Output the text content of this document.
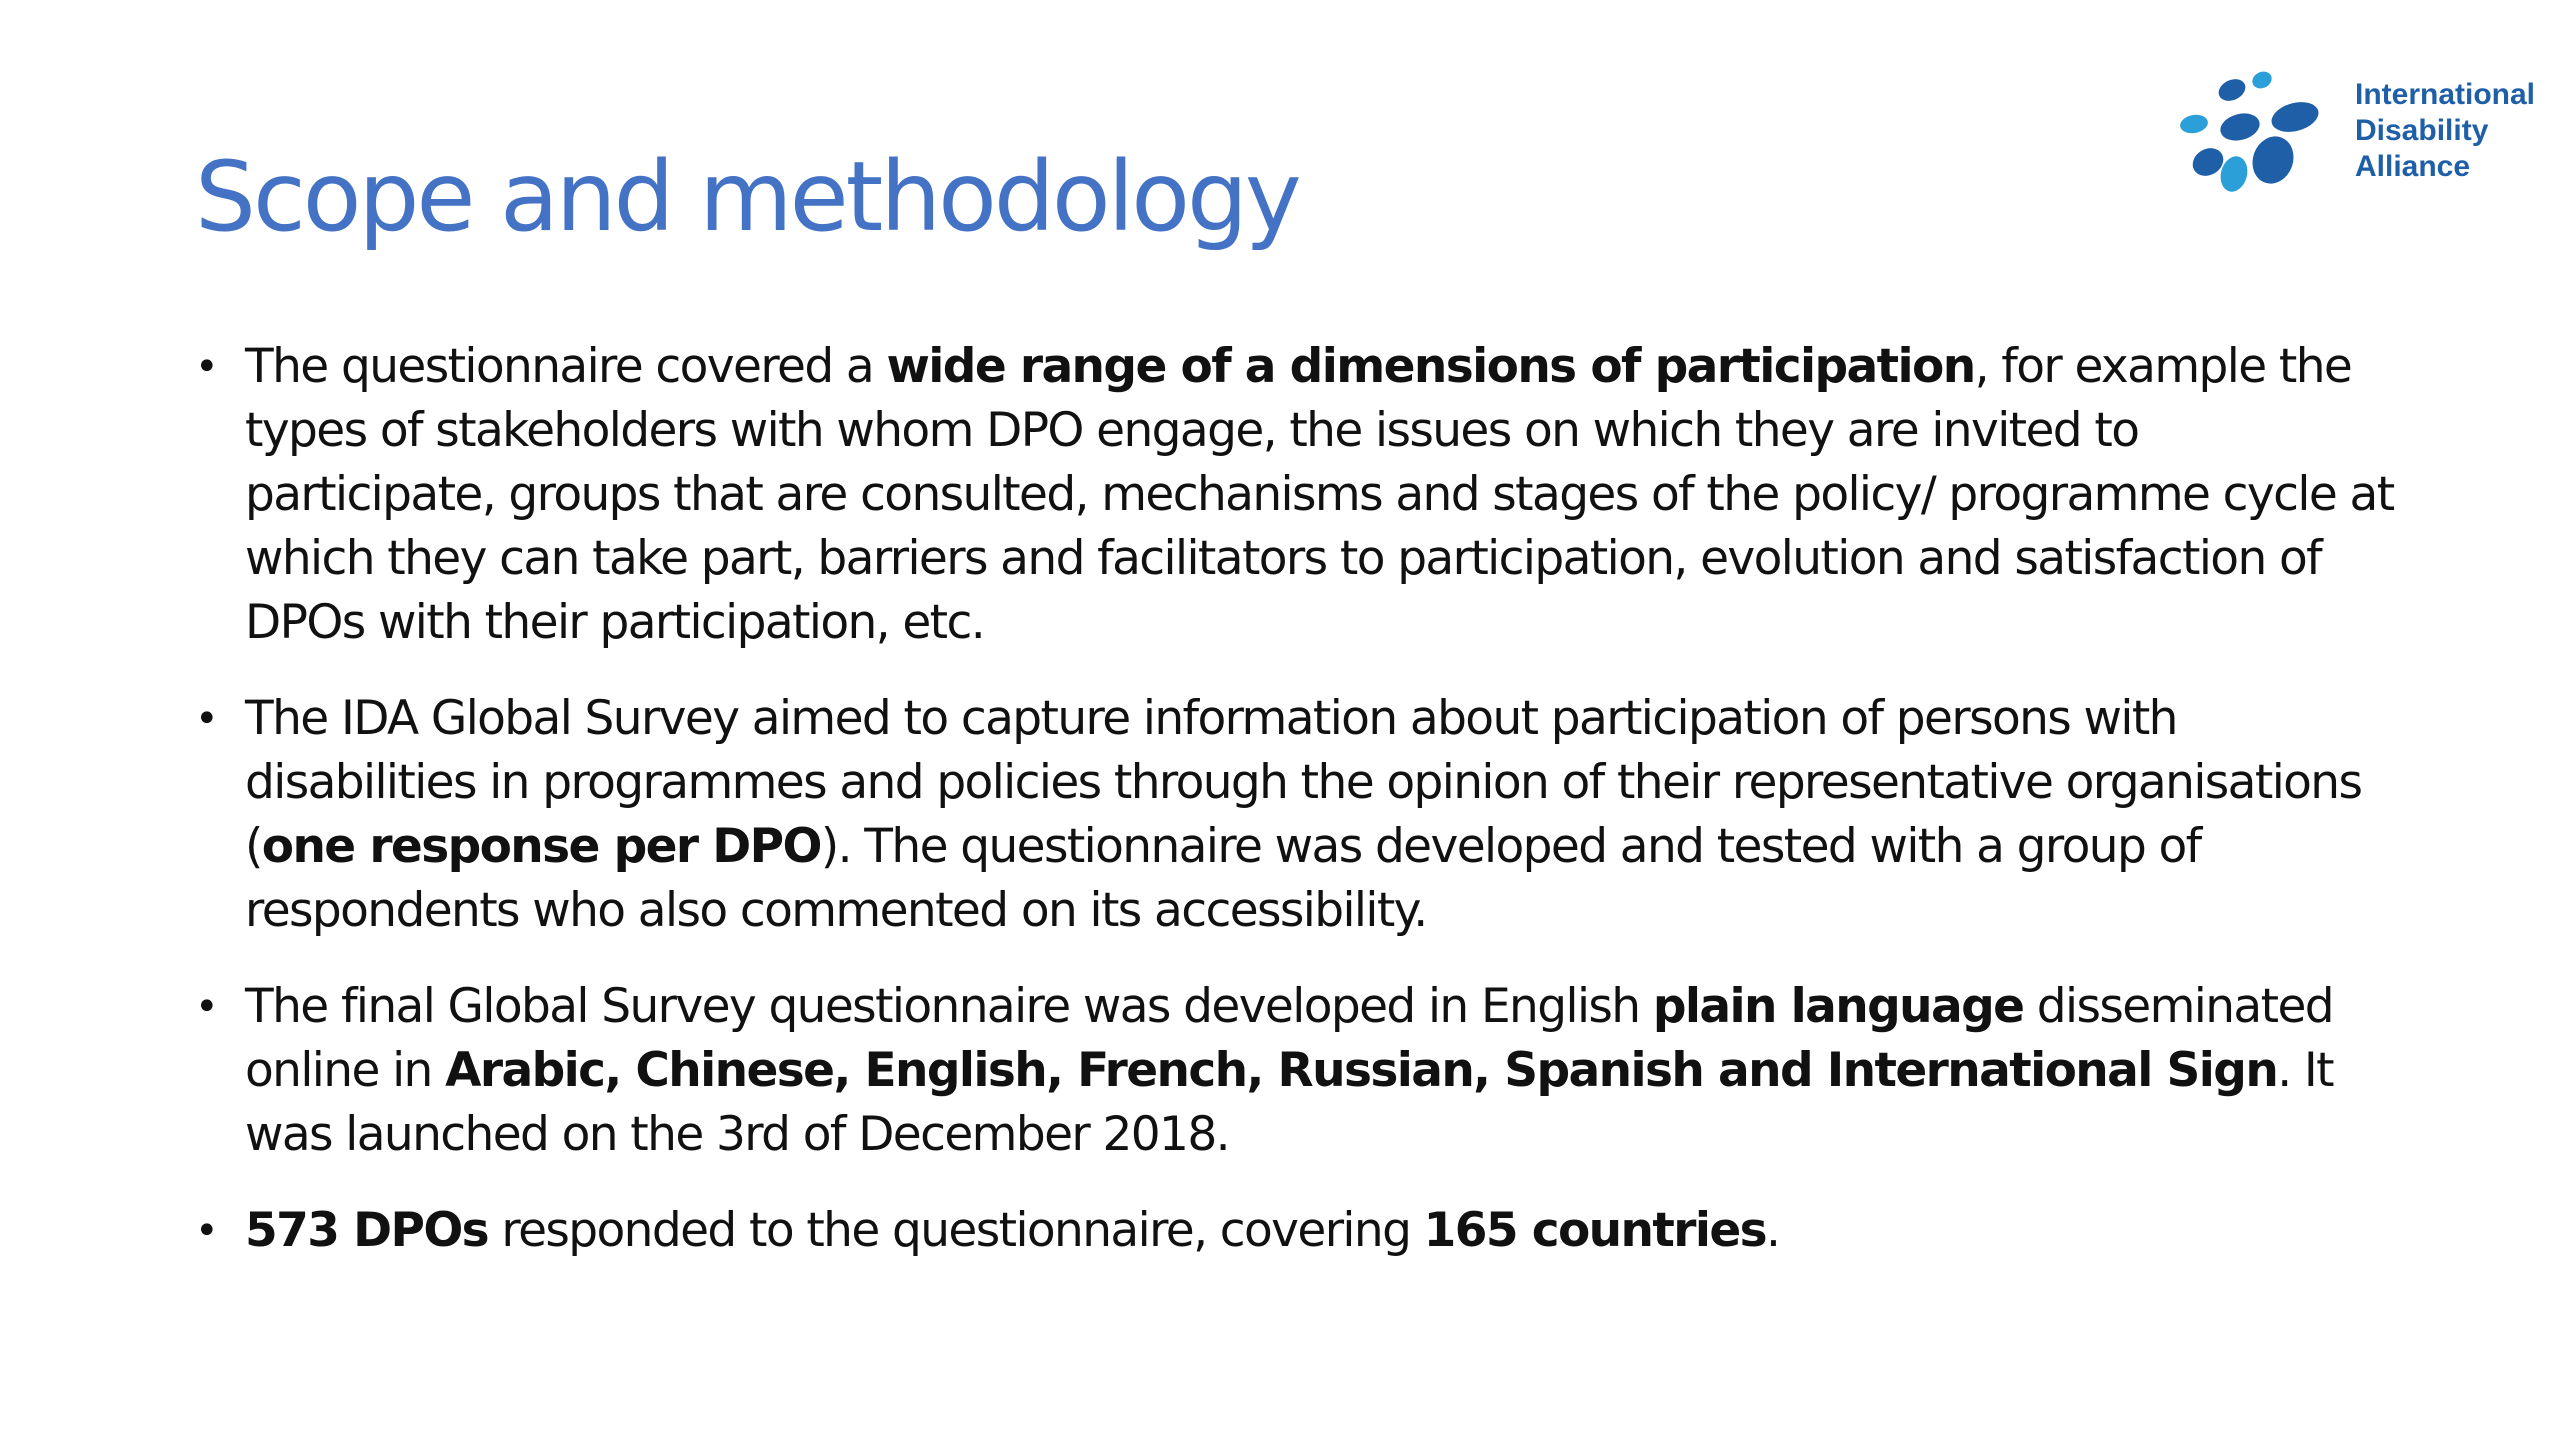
Scope and methodology
International
Disability
Alliance
• The questionnaire covered a wide range of a dimensions of participation, for example the types of stakeholders with whom DPO engage, the issues on which they are invited to participate, groups that are consulted, mechanisms and stages of the policy/ programme cycle at which they can take part, barriers and facilitators to participation, evolution and satisfaction of DPOs with their participation, etc.
• The IDA Global Survey aimed to capture information about participation of persons with disabilities in programmes and policies through the opinion of their representative organisations (one response per DPO). The questionnaire was developed and tested with a group of respondents who also commented on its accessibility.
• The final Global Survey questionnaire was developed in English plain language disseminated online in Arabic, Chinese, English, French, Russian, Spanish and International Sign. It was launched on the 3rd of December 2018.
• 573 DPOs responded to the questionnaire, covering 165 countries.
